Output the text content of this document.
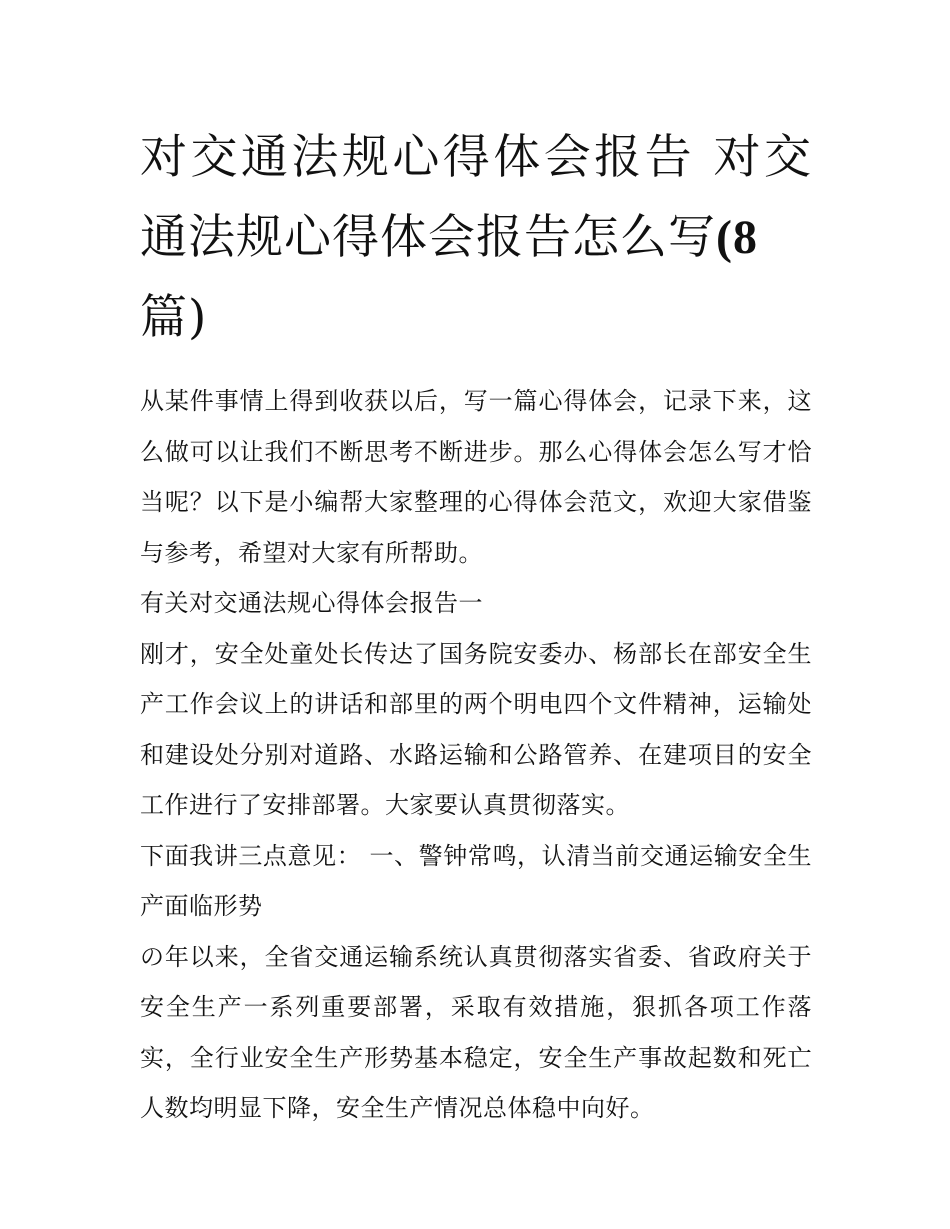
对交通法规心得体会报告 对交通法规心得体会报告怎么写(8
篇)

从某件事情上得到收获以后，写一篇心得体会，记录下来，这么做可以让我们不断思考不断进步。那么心得体会怎么写才恰当呢？以下是小编帮大家整理的心得体会范文，欢迎大家借鉴与参考，希望对大家有所帮助。

有关对交通法规心得体会报告一

刚才，安全处童处长传达了国务院安委办、杨部长在部安全生产工作会议上的讲话和部里的两个明电四个文件精神，运输处和建设处分别对道路、水路运输和公路管养、在建项目的安全工作进行了安排部署。大家要认真贯彻落实。

下面我讲三点意见： 一、警钟常鸣，认清当前交通运输安全生产面临形势

の年以来，全省交通运输系统认真贯彻落实省委、省政府关于安全生产一系列重要部署，采取有效措施，狠抓各项工作落实，全行业安全生产形势基本稳定，安全生产事故起数和死亡人数均明显下降，安全生产情况总体稳中向好。
